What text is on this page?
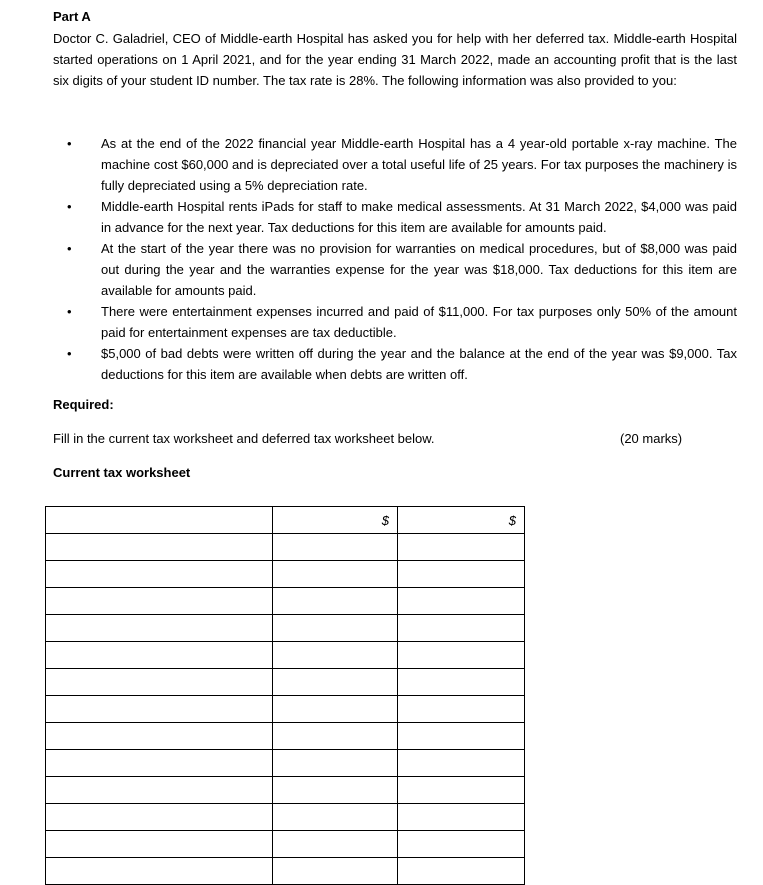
Part A
Doctor C. Galadriel, CEO of Middle-earth Hospital has asked you for help with her deferred tax. Middle-earth Hospital started operations on 1 April 2021, and for the year ending 31 March 2022, made an accounting profit that is the last six digits of your student ID number. The tax rate is 28%. The following information was also provided to you:
• As at the end of the 2022 financial year Middle-earth Hospital has a 4 year-old portable x-ray machine. The machine cost $60,000 and is depreciated over a total useful life of 25 years. For tax purposes the machinery is fully depreciated using a 5% depreciation rate.
• Middle-earth Hospital rents iPads for staff to make medical assessments. At 31 March 2022, $4,000 was paid in advance for the next year. Tax deductions for this item are available for amounts paid.
• At the start of the year there was no provision for warranties on medical procedures, but of $8,000 was paid out during the year and the warranties expense for the year was $18,000. Tax deductions for this item are available for amounts paid.
• There were entertainment expenses incurred and paid of $11,000. For tax purposes only 50% of the amount paid for entertainment expenses are tax deductible.
• $5,000 of bad debts were written off during the year and the balance at the end of the year was $9,000. Tax deductions for this item are available when debts are written off.
Required:
Fill in the current tax worksheet and deferred tax worksheet below.	(20 marks)
Current tax worksheet
	$	$
